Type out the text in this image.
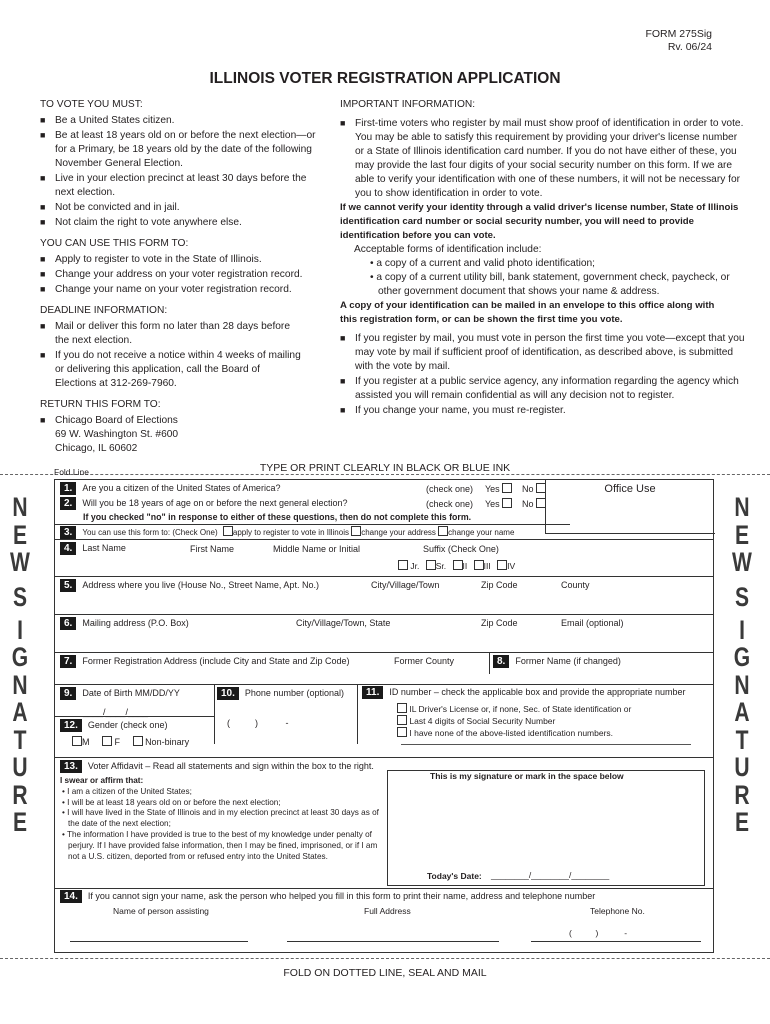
FORM 275Sig
Rv. 06/24
ILLINOIS VOTER REGISTRATION APPLICATION
TO VOTE YOU MUST:
■ Be a United States citizen.
■ Be at least 18 years old on or before the next election—or for a Primary, be 18 years old by the date of the following November General Election.
■ Live in your election precinct at least 30 days before the next election.
■ Not be convicted and in jail.
■ Not claim the right to vote anywhere else.
YOU CAN USE THIS FORM TO:
■ Apply to register to vote in the State of Illinois.
■ Change your address on your voter registration record.
■ Change your name on your voter registration record.
DEADLINE INFORMATION:
■ Mail or deliver this form no later than 28 days before the next election.
■ If you do not receive a notice within 4 weeks of mailing or delivering this application, call the Board of Elections at 312-269-7960.
RETURN THIS FORM TO:
■ Chicago Board of Elections
69 W. Washington St. #600
Chicago, IL 60602
IMPORTANT INFORMATION:
■ First-time voters who register by mail must show proof of identification in order to vote. You may be able to satisfy this requirement by providing your driver's license number or a State of Illinois identification card number. If you do not have either of these, you may provide the last four digits of your social security number on this form. If we are able to verify your identification with one of these numbers, it will not be necessary for you to show identification in order to vote.
If we cannot verify your identity through a valid driver's license number, State of Illinois identification card number or social security number, you will need to provide identification before you can vote.
Acceptable forms of identification include:
• a copy of a current and valid photo identification;
• a copy of a current utility bill, bank statement, government check, paycheck, or other government document that shows your name & address.
A copy of your identification can be mailed in an envelope to this office along with this registration form, or can be shown the first time you vote.
■ If you register by mail, you must vote in person the first time you vote—except that you may vote by mail if sufficient proof of identification, as described above, is submitted with the vote by mail.
■ If you register at a public service agency, any information regarding the agency which assisted you will remain confidential as will any decision not to register.
■ If you change your name, you must re-register.
TYPE OR PRINT CLEARLY IN BLACK OR BLUE INK
Fold Line
N
E
W
S
I
G
N
A
T
U
R
E
N
E
W
S
I
G
N
A
T
U
R
E
Office Use
1. Are you a citizen of the United States of America?	(check one) Yes	No
2. Will you be 18 years of age on or before the next general election?	(check one) Yes	No
If you checked "no" in response to either of these questions, then do not complete this form.
3. You can use this form to: (Check One) apply to register to vote in Illinois change your address change your name
4. Last Name	First Name	Middle Name or Initial	Suffix (Check One)
Jr. Sr. II III IV
5. Address where you live (House No., Street Name, Apt. No.)	City/Village/Town	Zip Code	County
6. Mailing address (P.O. Box)	City/Village/Town, State	Zip Code	Email (optional)
7. Former Registration Address (include City and State and Zip Code)	Former County	8. Former Name (if changed)
9. Date of Birth MM/DD/YY
____/____/____
10. Phone number (optional)
(          )           -
11. ID number – check the applicable box and provide the appropriate number
IL Driver's License or, if none, Sec. of State identification or
Last 4 digits of Social Security Number
I have none of the above-listed identification numbers.
12. Gender (check one)
M	F	Non-binary
13. Voter Affidavit – Read all statements and sign within the box to the right.
I swear or affirm that:
• I am a citizen of the United States;
• I will be at least 18 years old on or before the next election;
• I will have lived in the State of Illinois and in my election precinct at least 30 days as of the date of the next election;
• The information I have provided is true to the best of my knowledge under penalty of perjury. If I have provided false information, then I may be fined, imprisoned, or if I am not a U.S. citizen, deported from or refused entry into the United States.
This is my signature or mark in the space below
Today's Date: ________/________/________
14. If you cannot sign your name, ask the person who helped you fill in this form to print their name, address and telephone number
Name of person assisting	Full Address	Telephone No.
(          )           -
FOLD ON DOTTED LINE, SEAL AND MAIL
